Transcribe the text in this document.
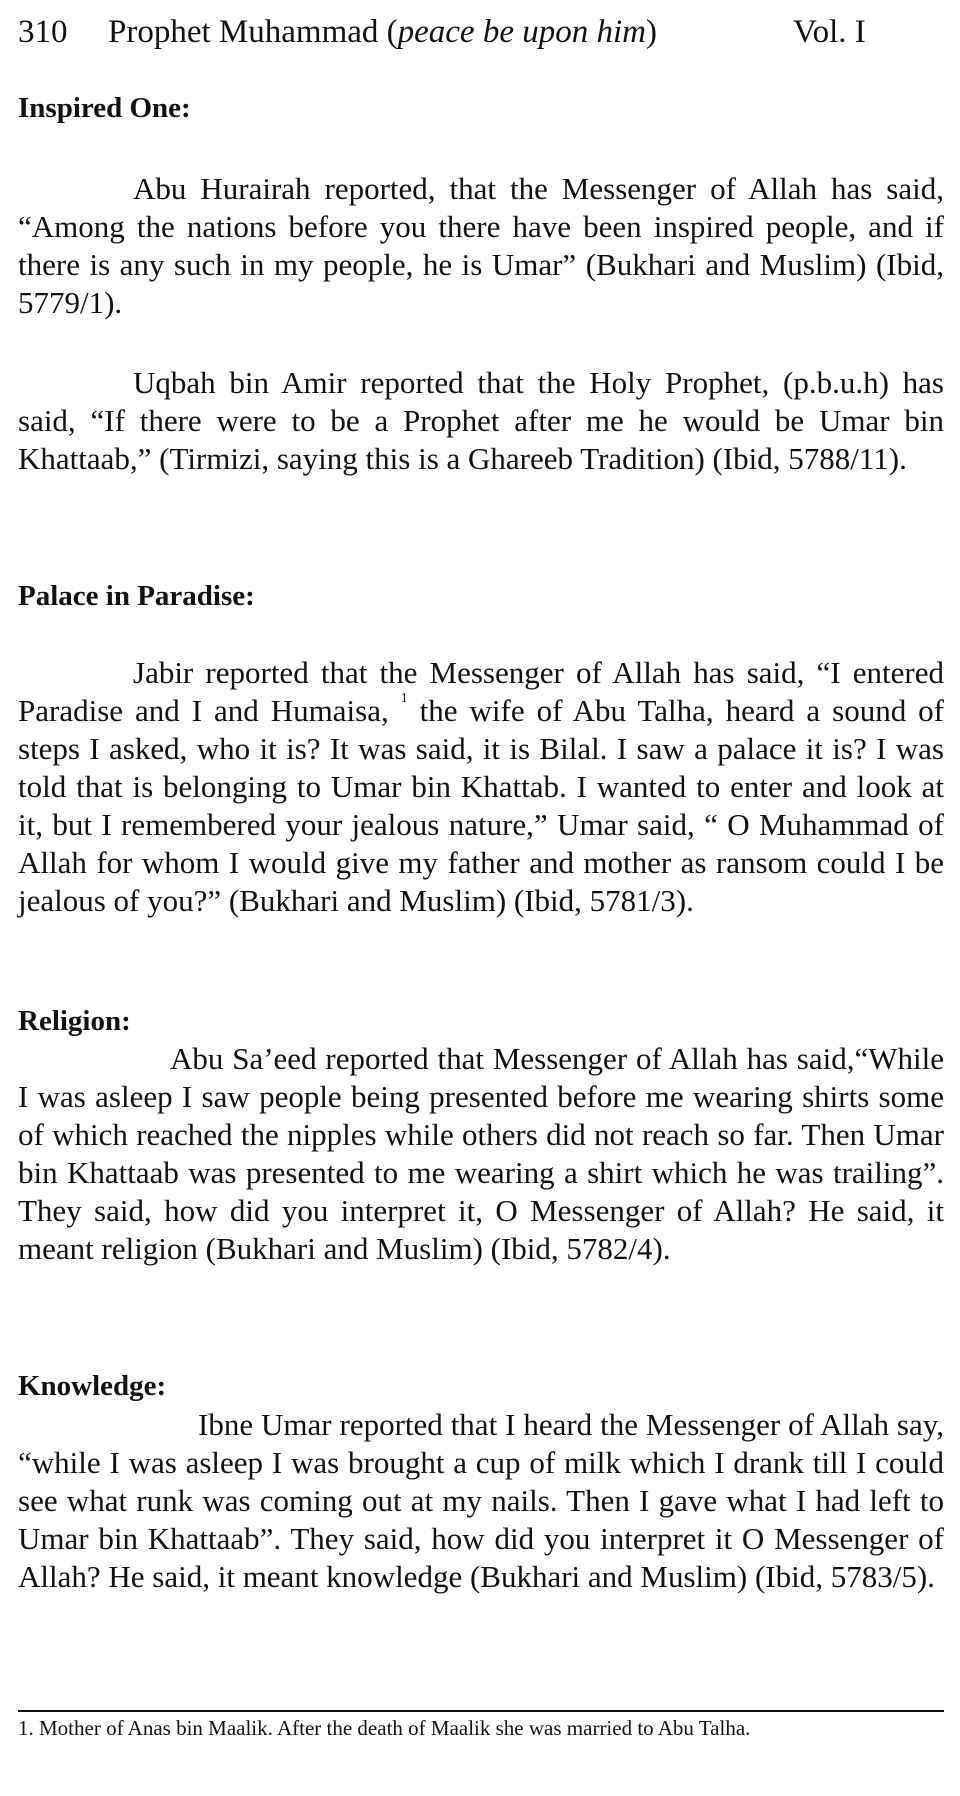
310 Prophet Muhammad (peace be upon him)	Vol. I
Inspired One:

Abu Hurairah reported, that the Messenger of Allah has said, “Among the nations before you there have been inspired people, and if there is any such in my people, he is Umar” (Bukhari and Muslim) (Ibid, 5779/1).

Uqbah bin Amir reported that the Holy Prophet, (p.b.u.h) has said, “If there were to be a Prophet after me he would be Umar bin Khattaab,” (Tirmizi, saying this is a Ghareeb Tradition) (Ibid, 5788/11).

Palace in Paradise:

Jabir reported that the Messenger of Allah has said, “I entered Paradise and I and Humaisa, $^1$ the wife of Abu Talha, heard a sound of steps I asked, who it is? It was said, it is Bilal. I saw a palace it is? I was told that is belonging to Umar bin Khattab. I wanted to enter and look at it, but I remembered your jealous nature,” Umar said, “ O Muhammad of Allah for whom I would give my father and mother as ransom could I be jealous of you?” (Bukhari and Muslim) (Ibid, 5781/3).

Religion:

Abu Sa’eed reported that Messenger of Allah has said,“While I was asleep I saw people being presented before me wearing shirts some of which reached the nipples while others did not reach so far. Then Umar bin Khattaab was presented to me wearing a shirt which he was trailing”. They said, how did you interpret it, O Messenger of Allah? He said, it meant religion (Bukhari and Muslim) (Ibid, 5782/4).

Knowledge:

Ibne Umar reported that I heard the Messenger of Allah say, “while I was asleep I was brought a cup of milk which I drank till I could see what runk was coming out at my nails. Then I gave what I had left to Umar bin Khattaab”. They said, how did you interpret it O Messenger of Allah? He said, it meant knowledge (Bukhari and Muslim) (Ibid, 5783/5).

1. Mother of Anas bin Maalik. After the death of Maalik she was married to Abu Talha.
